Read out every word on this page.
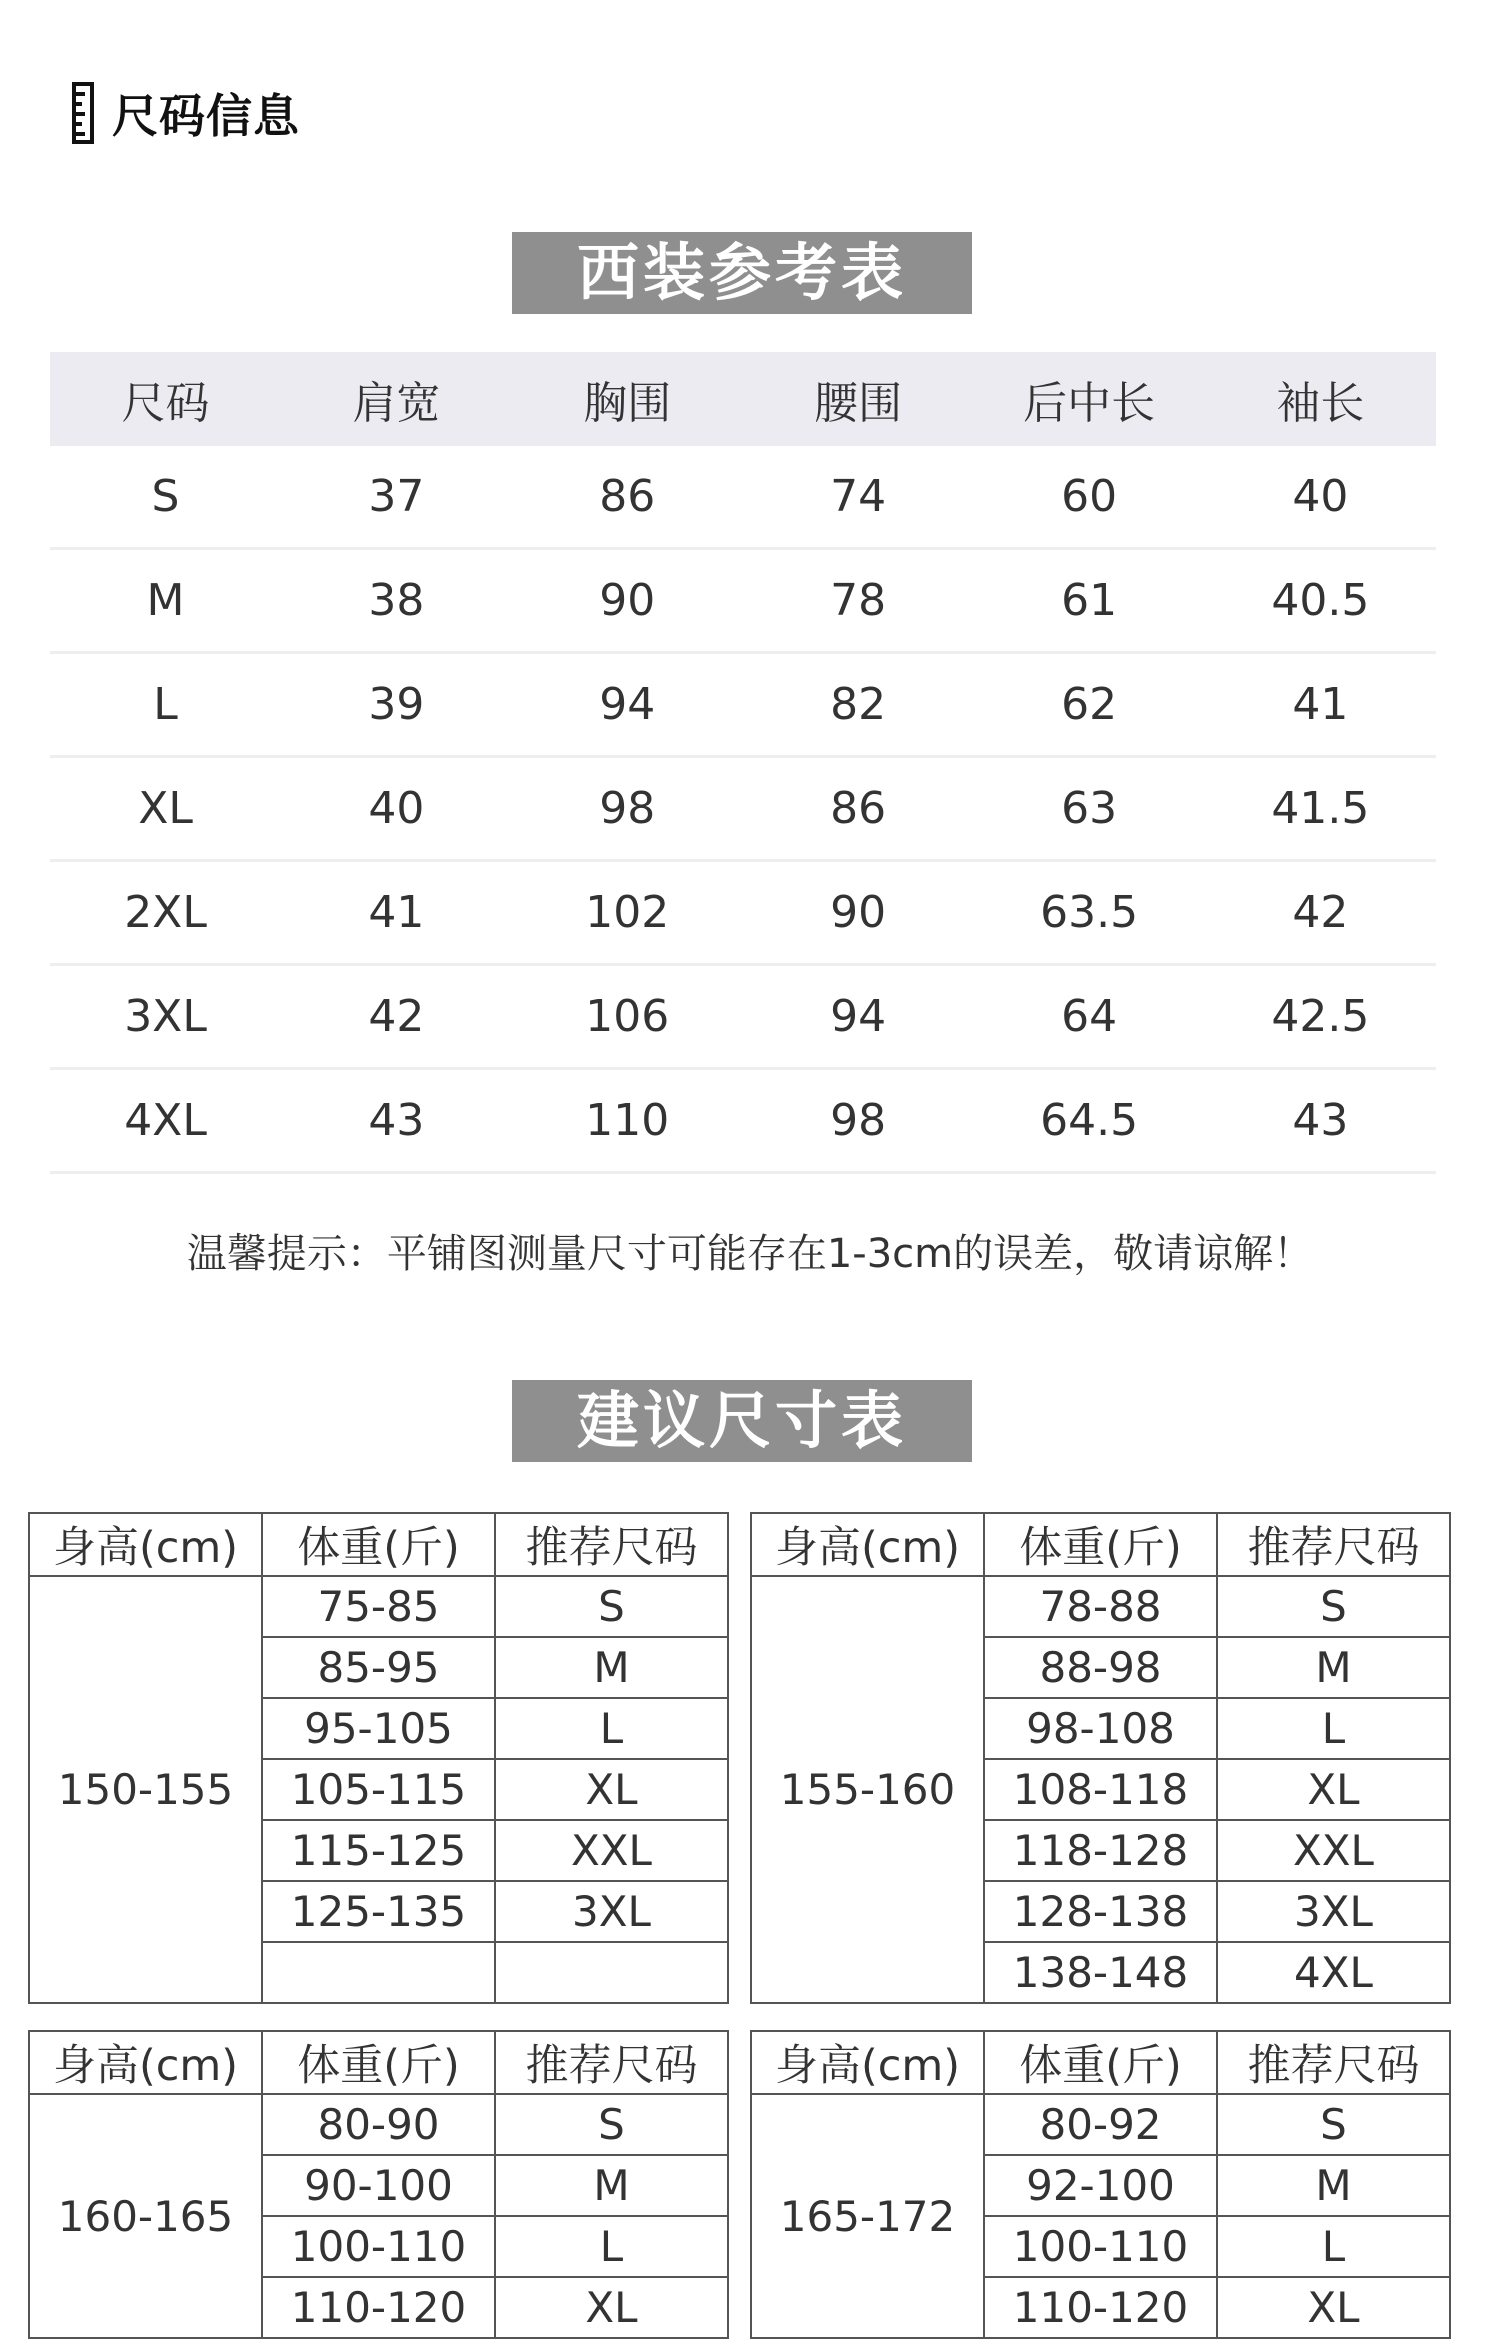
尺码信息
西装参考表
尺码	肩宽	胸围	腰围	后中长	袖长
S	37	86	74	60	40
M	38	90	78	61	40.5
L	39	94	82	62	41
XL	40	98	86	63	41.5
2XL	41	102	90	63.5	42
3XL	42	106	94	64	42.5
4XL	43	110	98	64.5	43
温馨提示：平铺图测量尺寸可能存在1-3cm的误差，敬请谅解！
建议尺寸表
身高(cm)	体重(斤)	推荐尺码
150-155	75-85	S
	85-95	M
	95-105	L
	105-115	XL
	115-125	XXL
	125-135	3XL

身高(cm)	体重(斤)	推荐尺码
155-160	78-88	S
	88-98	M
	98-108	L
	108-118	XL
	118-128	XXL
	128-138	3XL
	138-148	4XL
身高(cm)	体重(斤)	推荐尺码
160-165	80-90	S
	90-100	M
	100-110	L
	110-120	XL
身高(cm)	体重(斤)	推荐尺码
165-172	80-92	S
	92-100	M
	100-110	L
	110-120	XL
